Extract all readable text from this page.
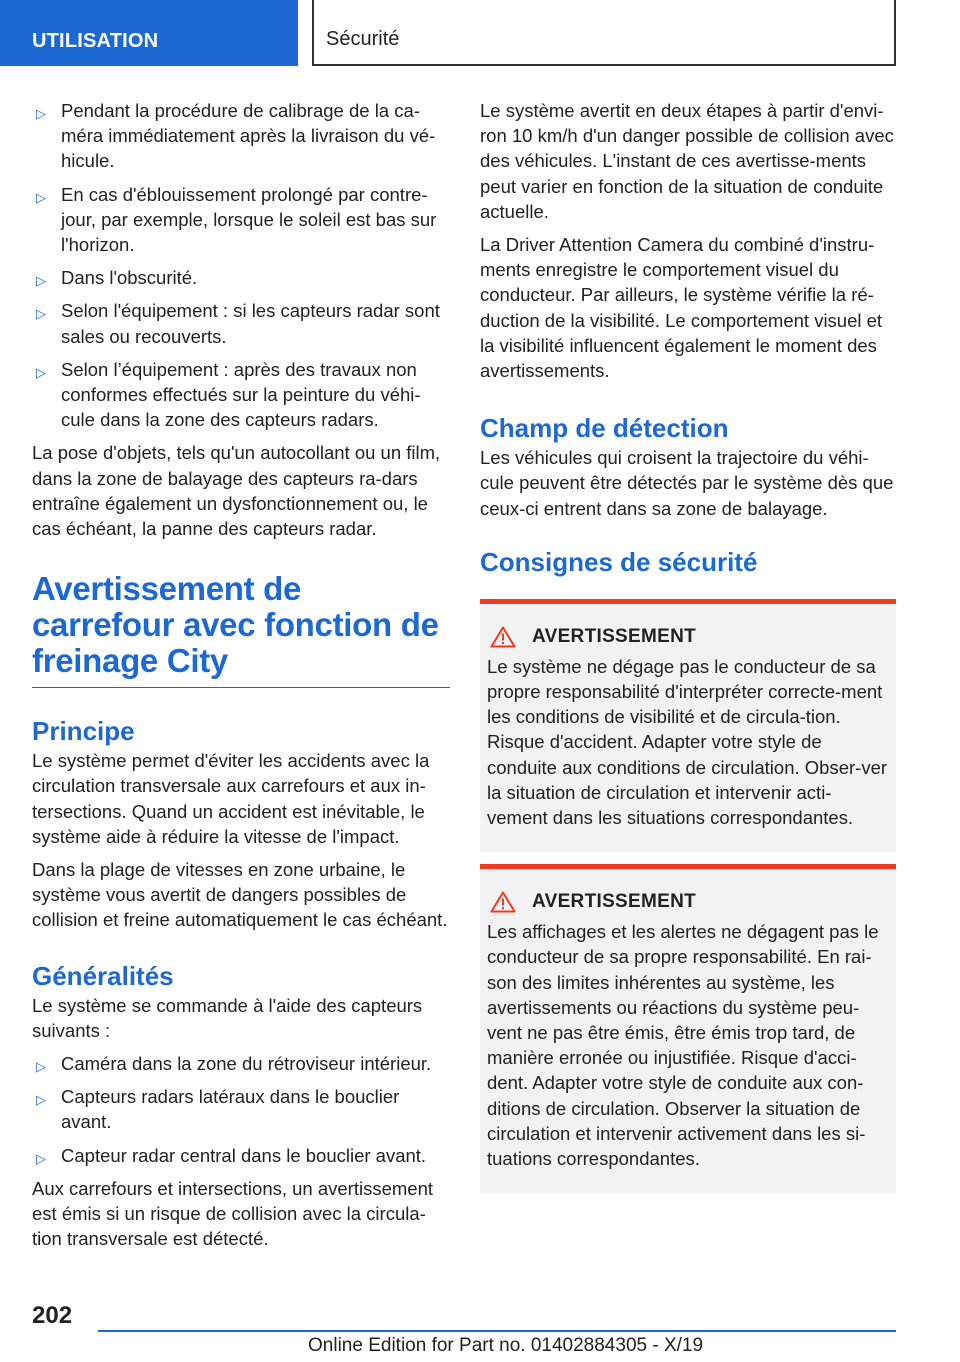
UTILISATION	Sécurité
▷ Pendant la procédure de calibrage de la ca-méra immédiatement après la livraison du vé-hicule.
▷ En cas d'éblouissement prolongé par contre-jour, par exemple, lorsque le soleil est bas sur l'horizon.
▷ Dans l'obscurité.
▷ Selon l'équipement : si les capteurs radar sont sales ou recouverts.
▷ Selon l’équipement : après des travaux non conformes effectués sur la peinture du véhi-cule dans la zone des capteurs radars.

La pose d'objets, tels qu'un autocollant ou un film, dans la zone de balayage des capteurs ra-dars entraîne également un dysfonctionnement ou, le cas échéant, la panne des capteurs radar.

Avertissement de carrefour avec fonction de freinage City
Principe

Le système permet d'éviter les accidents avec la circulation transversale aux carrefours et aux in-tersections. Quand un accident est inévitable, le système aide à réduire la vitesse de l'impact.

Dans la plage de vitesses en zone urbaine, le système vous avertit de dangers possibles de collision et freine automatiquement le cas échéant.

Généralités

Le système se commande à l'aide des capteurs suivants :

▷ Caméra dans la zone du rétroviseur intérieur.
▷ Capteurs radars latéraux dans le bouclier avant.
▷ Capteur radar central dans le bouclier avant.

Aux carrefours et intersections, un avertissement est émis si un risque de collision avec la circula-tion transversale est détecté.

Le système avertit en deux étapes à partir d'envi-ron 10 km/h d'un danger possible de collision avec des véhicules. L'instant de ces avertisse-ments peut varier en fonction de la situation de conduite actuelle.

La Driver Attention Camera du combiné d'instru-ments enregistre le comportement visuel du conducteur. Par ailleurs, le système vérifie la ré-duction de la visibilité. Le comportement visuel et la visibilité influencent également le moment des avertissements.

Champ de détection

Les véhicules qui croisent la trajectoire du véhi-cule peuvent être détectés par le système dès que ceux-ci entrent dans sa zone de balayage.

Consignes de sécurité
AVERTISSEMENT

Le système ne dégage pas le conducteur de sa propre responsabilité d'interpréter correcte-ment les conditions de visibilité et de circula-tion. Risque d'accident. Adapter votre style de conduite aux conditions de circulation. Obser-ver la situation de circulation et intervenir acti-vement dans les situations correspondantes.

AVERTISSEMENT

Les affichages et les alertes ne dégagent pas le conducteur de sa propre responsabilité. En rai-son des limites inhérentes au système, les avertissements ou réactions du système peu-vent ne pas être émis, être émis trop tard, de manière erronée ou injustifiée. Risque d'acci-dent. Adapter votre style de conduite aux con-ditions de circulation. Observer la situation de circulation et intervenir activement dans les si-tuations correspondantes.

202
Online Edition for Part no. 01402884305 - X/19
